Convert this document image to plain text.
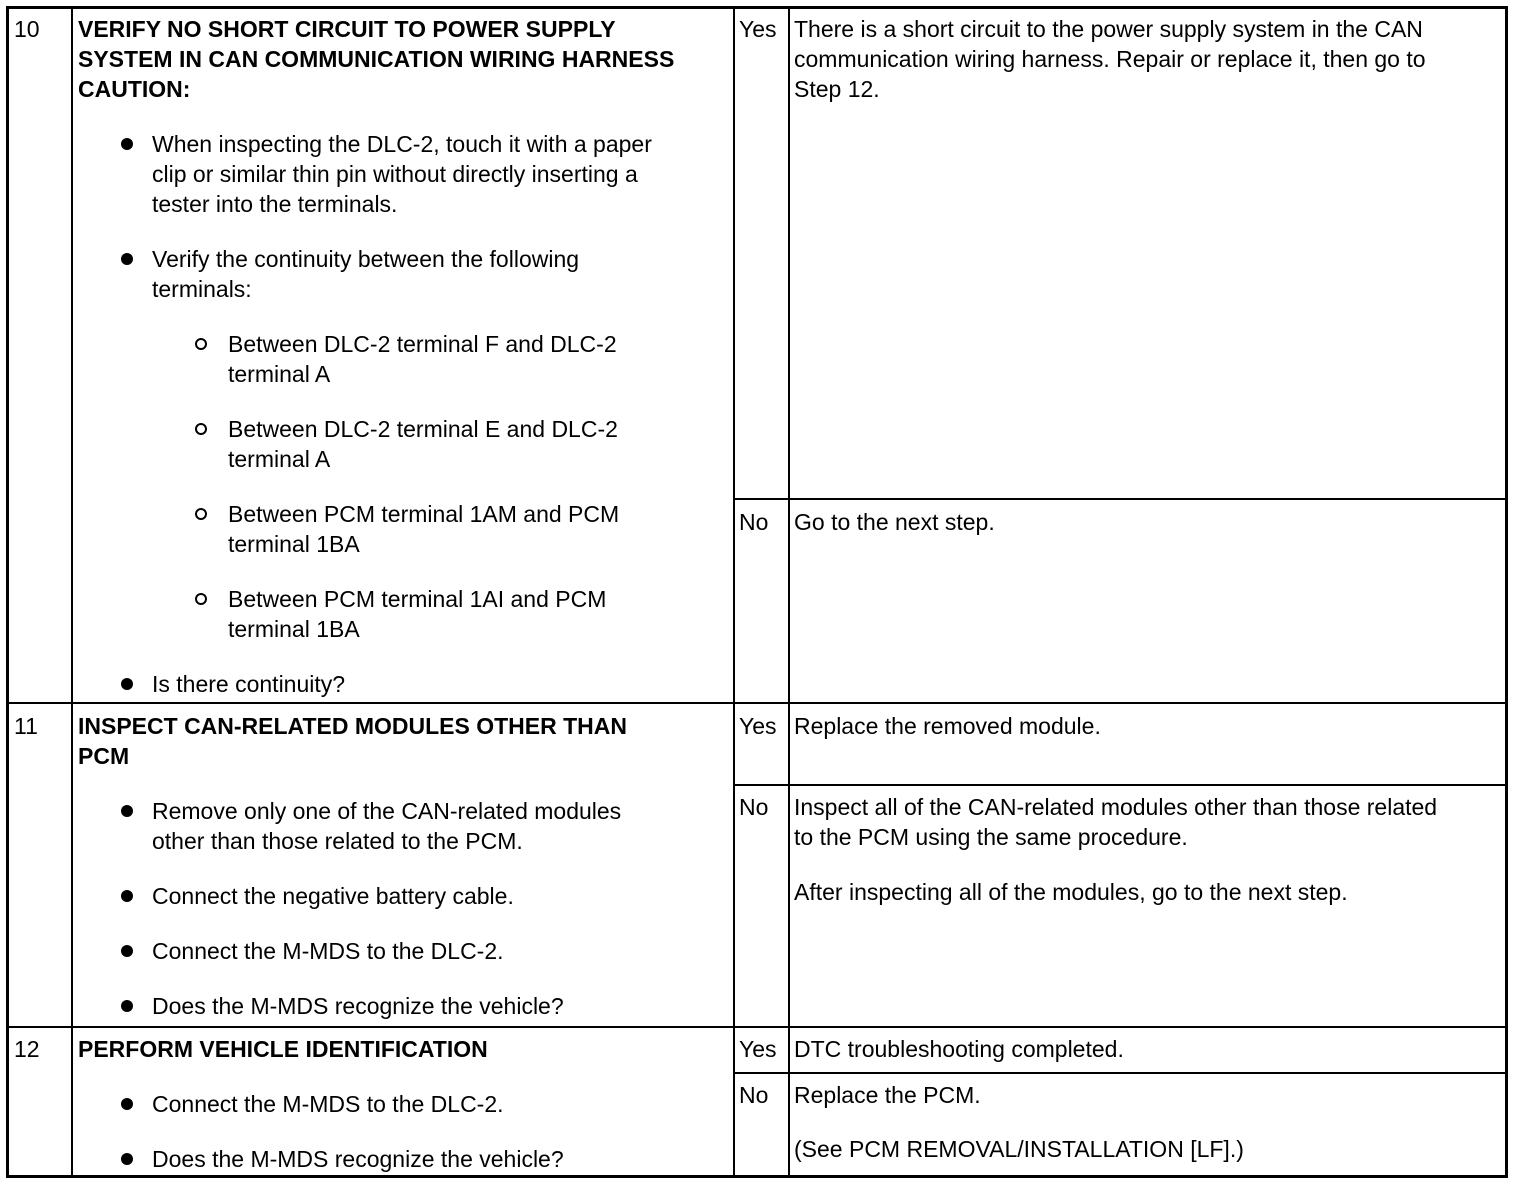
10 VERIFY NO SHORT CIRCUIT TO POWER SUPPLY
SYSTEM IN CAN COMMUNICATION WIRING HARNESS
CAUTION:
When inspecting the DLC-2, touch it with a paper
clip or similar thin pin without directly inserting a
tester into the terminals.
Verify the continuity between the following
terminals:
Between DLC-2 terminal F and DLC-2
terminal A
Between DLC-2 terminal E and DLC-2
terminal A
Between PCM terminal 1AM and PCM
terminal 1BA
Between PCM terminal 1AI and PCM
terminal 1BA
Is there continuity?
Yes There is a short circuit to the power supply system in the CAN
communication wiring harness. Repair or replace it, then go to
Step 12.
No Go to the next step.
11 INSPECT CAN-RELATED MODULES OTHER THAN
PCM
Remove only one of the CAN-related modules
other than those related to the PCM.
Connect the negative battery cable.
Connect the M-MDS to the DLC-2.
Does the M-MDS recognize the vehicle?
Yes Replace the removed module.
No Inspect all of the CAN-related modules other than those related
to the PCM using the same procedure.
After inspecting all of the modules, go to the next step.
12 PERFORM VEHICLE IDENTIFICATION
Connect the M-MDS to the DLC-2.
Does the M-MDS recognize the vehicle?
Yes DTC troubleshooting completed.
No Replace the PCM.
(See PCM REMOVAL/INSTALLATION [LF].)
